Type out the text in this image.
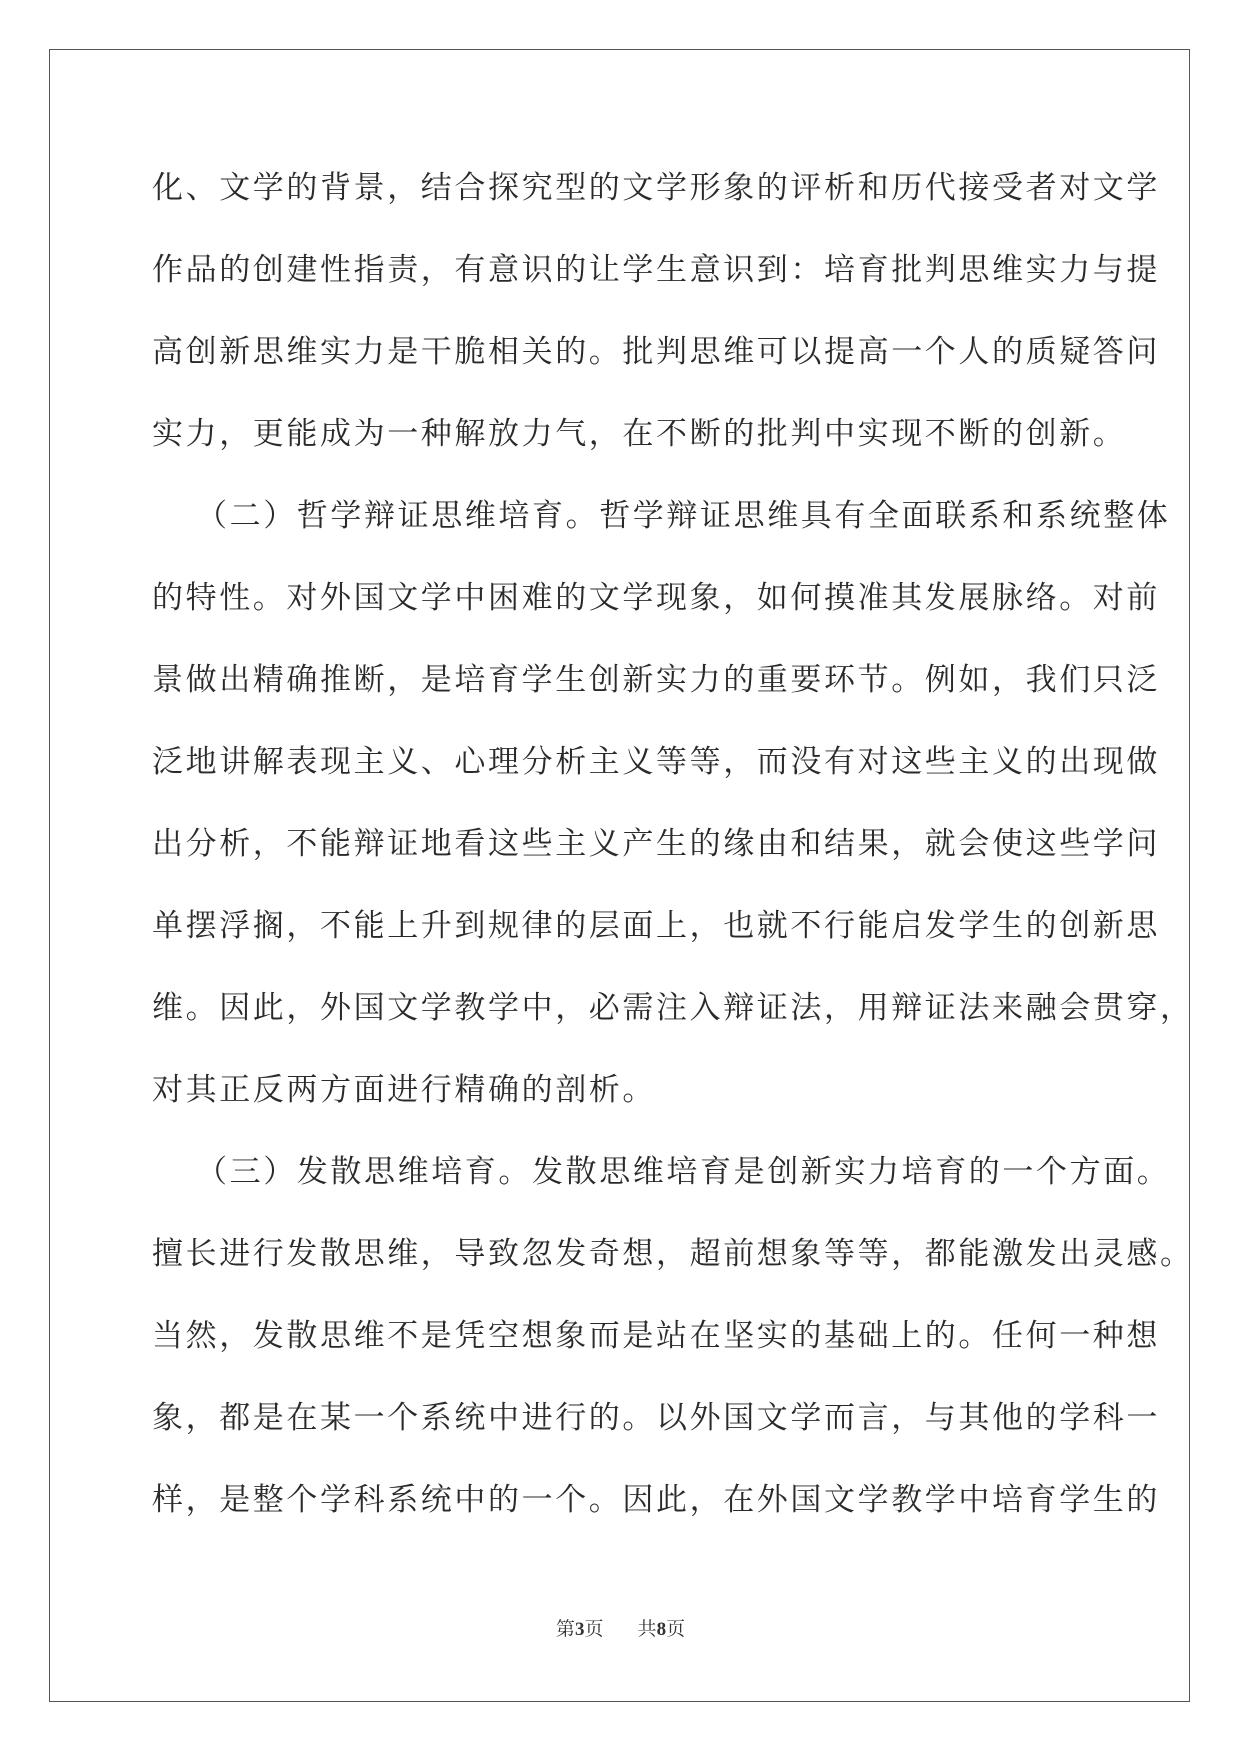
化、文学的背景，结合探究型的文学形象的评析和历代接受者对文学

作品的创建性指责，有意识的让学生意识到：培育批判思维实力与提

高创新思维实力是干脆相关的。批判思维可以提高一个人的质疑答问

实力，更能成为一种解放力气，在不断的批判中实现不断的创新。

（二）哲学辩证思维培育。哲学辩证思维具有全面联系和系统整体

的特性。对外国文学中困难的文学现象，如何摸准其发展脉络。对前

景做出精确推断，是培育学生创新实力的重要环节。例如，我们只泛

泛地讲解表现主义、心理分析主义等等，而没有对这些主义的出现做

出分析，不能辩证地看这些主义产生的缘由和结果，就会使这些学问

单摆浮搁，不能上升到规律的层面上，也就不行能启发学生的创新思

维。因此，外国文学教学中，必需注入辩证法，用辩证法来融会贯穿，

对其正反两方面进行精确的剖析。

（三）发散思维培育。发散思维培育是创新实力培育的一个方面。

擅长进行发散思维，导致忽发奇想，超前想象等等，都能激发出灵感。

当然，发散思维不是凭空想象而是站在坚实的基础上的。任何一种想

象，都是在某一个系统中进行的。以外国文学而言，与其他的学科一

样，是整个学科系统中的一个。因此，在外国文学教学中培育学生的

第3页 共8页
